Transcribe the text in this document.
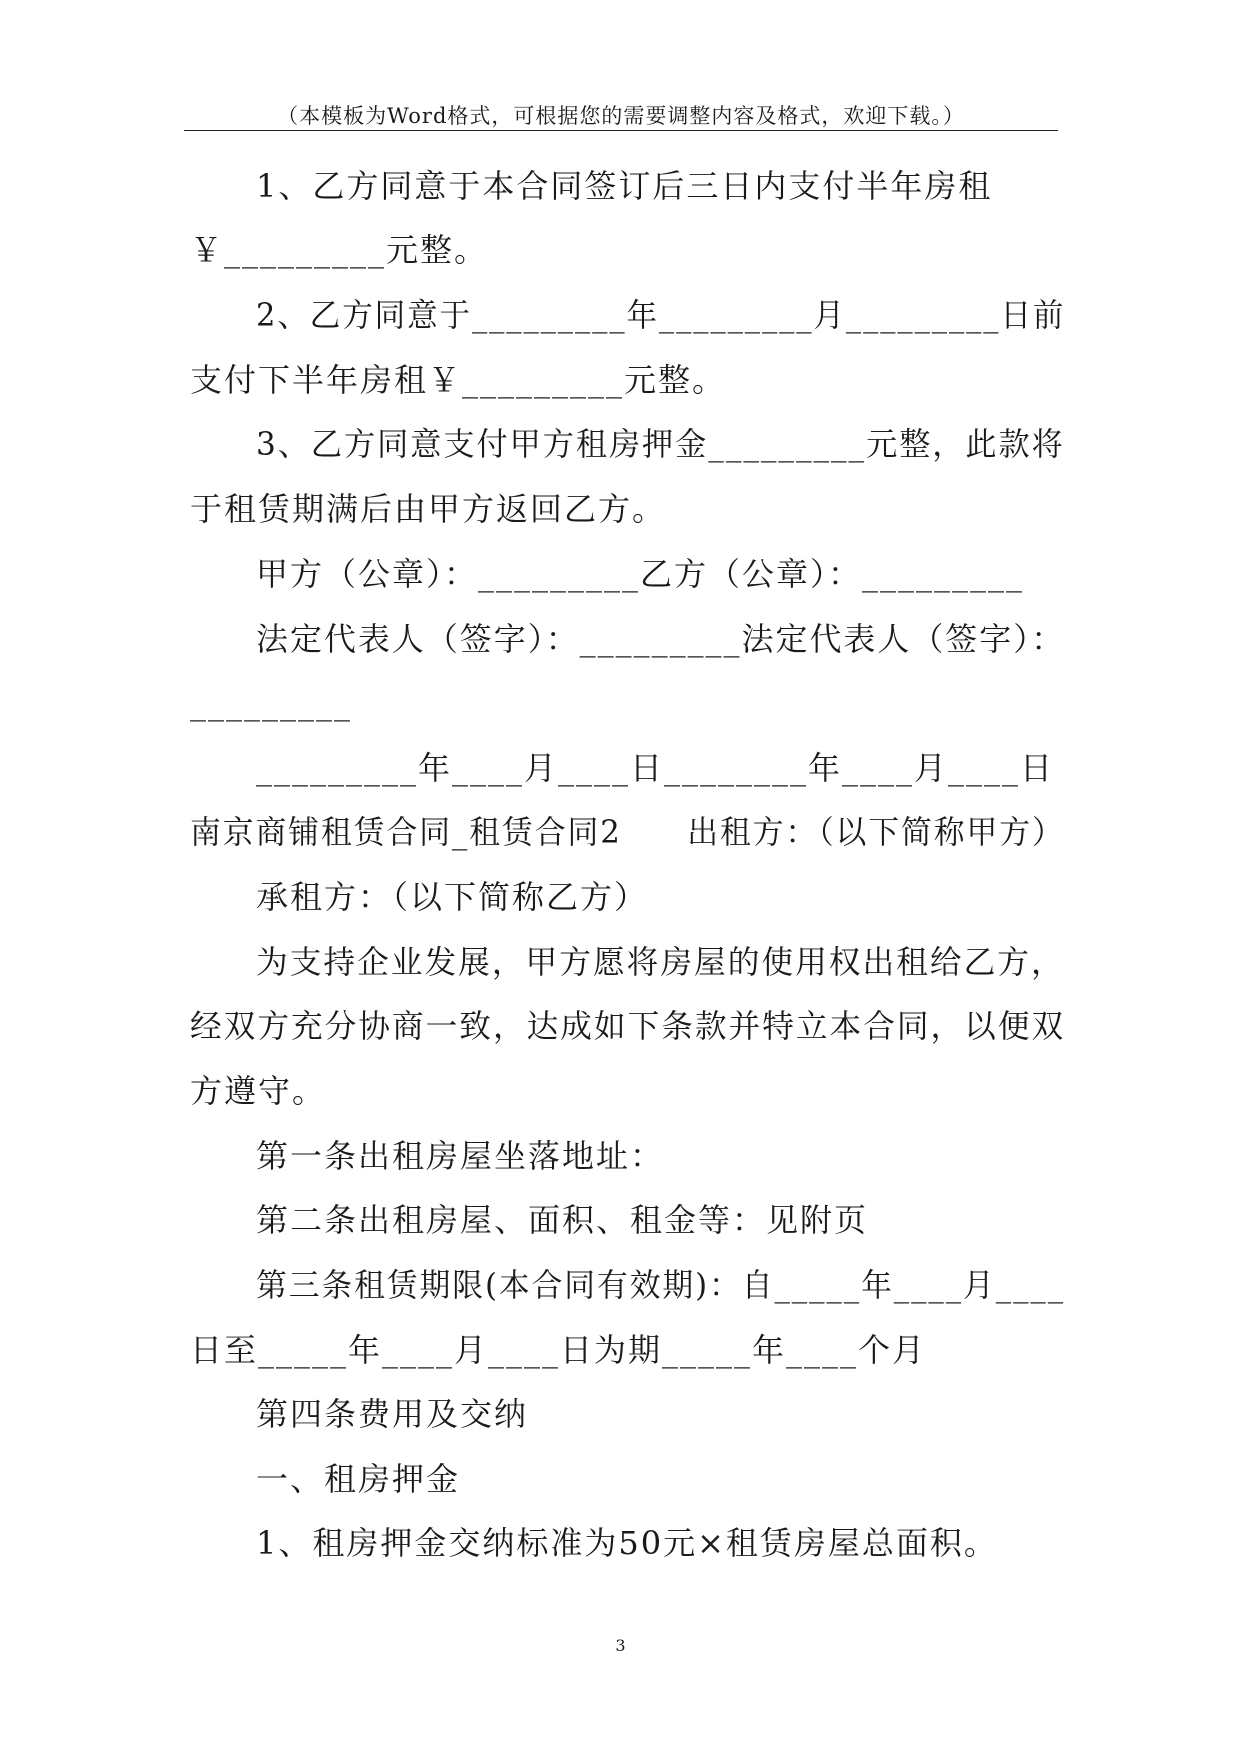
（本模板为Word格式，可根据您的需要调整内容及格式，欢迎下载。）
1、乙方同意于本合同签订后三日内支付半年房租
￥_________元整。
2、乙方同意于_________年_________月_________日前
支付下半年房租￥_________元整。
3、乙方同意支付甲方租房押金_________元整，此款将
于租赁期满后由甲方返回乙方。
甲方（公章）：_________乙方（公章）：_________
法定代表人（签字）：_________法定代表人（签字）：
_________
_________年____月____日________年____月____日
南京商铺租赁合同_租赁合同2　　出租方：（以下简称甲方）
承租方：（以下简称乙方）
为支持企业发展，甲方愿将房屋的使用权出租给乙方，
经双方充分协商一致，达成如下条款并特立本合同，以便双
方遵守。
第一条出租房屋坐落地址：
第二条出租房屋、面积、租金等：见附页
第三条租赁期限(本合同有效期)：自_____年____月____
日至_____年____月____日为期_____年____个月
第四条费用及交纳
一、租房押金
1、租房押金交纳标准为50元×租赁房屋总面积。
3
